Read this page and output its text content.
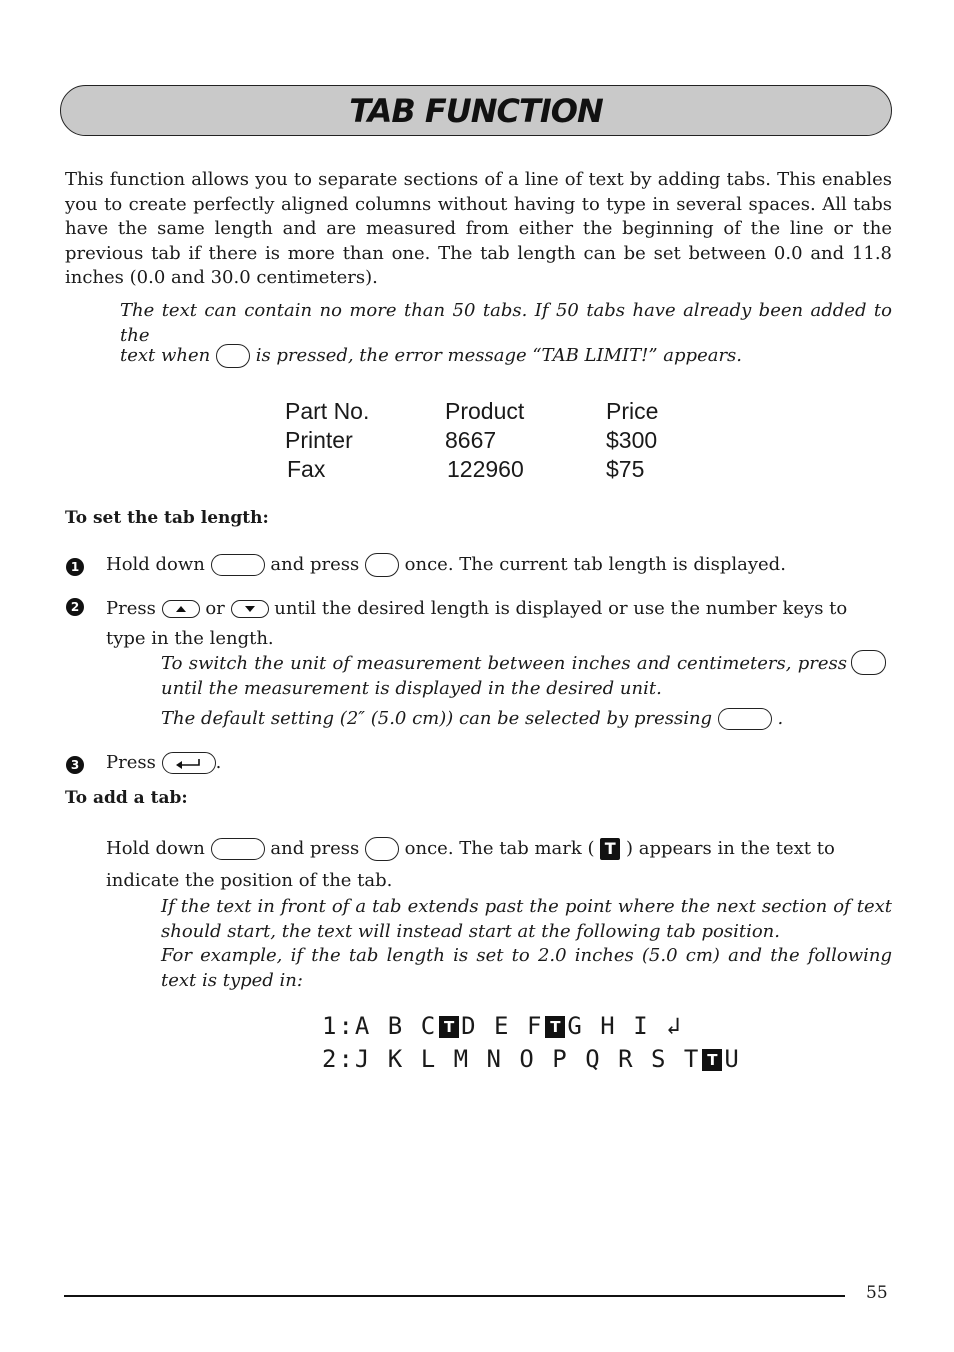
TAB FUNCTION

This function allows you to separate sections of a line of text by adding tabs. This enables you to create perfectly aligned columns without having to type in several spaces. All tabs have the same length and are measured from either the beginning of the line or the previous tab if there is more than one. The tab length can be set between 0.0 and 11.8 inches (0.0 and 30.0 centimeters).

The text can contain no more than 50 tabs. If 50 tabs have already been added to the

text when	is pressed, the error message “TAB LIMIT!” appears.

Part No.	Product	Price
Printer	8667	$300
Fax	122960	$75

To set the tab length:

1 Hold down	and press	once. The current tab length is displayed.

2 Press	or	until the desired length is displayed or use the number keys to type in the length.

To switch the unit of measurement between inches and centimeters, press

until the measurement is displayed in the desired unit.

The default setting (2″ (5.0 cm)) can be selected by pressing	.

3 Press	.

To add a tab:

Hold down	and press	once. The tab mark ( T ) appears in the text to indicate the position of the tab.

If the text in front of a tab extends past the point where the next section of text should start, the text will instead start at the following tab position.

For example, if the tab length is set to 2.0 inches (5.0 cm) and the following text is typed in:

1:A B C T D E F T G H I ↲
2:J K L M N O P Q R S T T U
55
